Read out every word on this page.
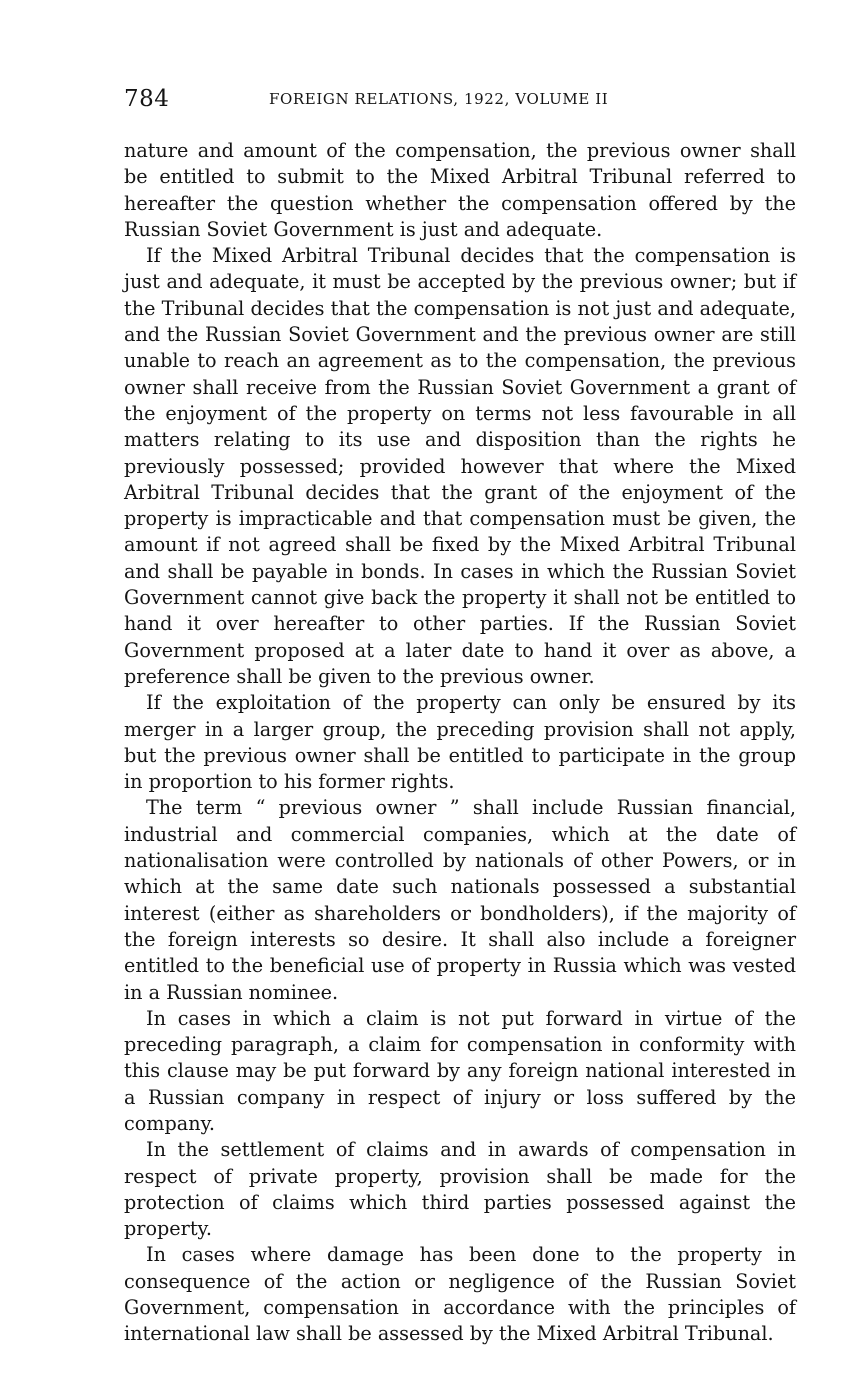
784	FOREIGN RELATIONS, 1922, VOLUME II

nature and amount of the compensation, the previous owner shall be entitled to submit to the Mixed Arbitral Tribunal referred to hereafter the question whether the compensation offered by the Russian Soviet Government is just and adequate.

If the Mixed Arbitral Tribunal decides that the compensation is just and adequate, it must be accepted by the previous owner; but if the Tribunal decides that the compensation is not just and adequate, and the Russian Soviet Government and the previous owner are still unable to reach an agreement as to the compensation, the previous owner shall receive from the Russian Soviet Government a grant of the enjoyment of the property on terms not less favourable in all matters relating to its use and disposition than the rights he previously possessed; provided however that where the Mixed Arbitral Tribunal decides that the grant of the enjoyment of the property is impracticable and that compensation must be given, the amount if not agreed shall be fixed by the Mixed Arbitral Tribunal and shall be payable in bonds. In cases in which the Russian Soviet Government cannot give back the property it shall not be entitled to hand it over hereafter to other parties. If the Russian Soviet Government proposed at a later date to hand it over as above, a preference shall be given to the previous owner.

If the exploitation of the property can only be ensured by its merger in a larger group, the preceding provision shall not apply, but the previous owner shall be entitled to participate in the group in proportion to his former rights.

The term “ previous owner ” shall include Russian financial, industrial and commercial companies, which at the date of nationalisation were controlled by nationals of other Powers, or in which at the same date such nationals possessed a substantial interest (either as shareholders or bondholders), if the majority of the foreign interests so desire. It shall also include a foreigner entitled to the beneficial use of property in Russia which was vested in a Russian nominee.

In cases in which a claim is not put forward in virtue of the preceding paragraph, a claim for compensation in conformity with this clause may be put forward by any foreign national interested in a Russian company in respect of injury or loss suffered by the company.

In the settlement of claims and in awards of compensation in respect of private property, provision shall be made for the protection of claims which third parties possessed against the property.

In cases where damage has been done to the property in consequence of the action or negligence of the Russian Soviet Government, compensation in accordance with the principles of international law shall be assessed by the Mixed Arbitral Tribunal.
